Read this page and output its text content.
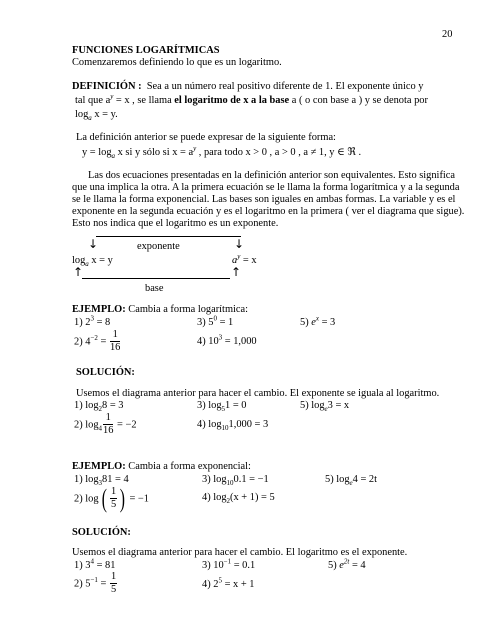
20
FUNCIONES LOGARÍTMICAS
Comenzaremos definiendo lo que es un logaritmo.
DEFINICIÓN : Sea a un número real positivo diferente de 1. El exponente único y
tal que $a^y = x$ , se llama el logaritmo de x a la base a ( o con base a ) y se denota por
$\log_a x = y$.
La definición anterior se puede expresar de la siguiente forma:
$y = \log_a x$ si y sólo si $x = a^y$ , para todo x > 0 , a > 0 , a ≠ 1, y ∈ ℜ .
Las dos ecuaciones presentadas en la definición anterior son equivalentes. Esto significa
que una implica la otra. A la primera ecuación se le llama la forma logarítmica y a la segunda
se le llama la forma exponencial. Las bases son iguales en ambas formas. La variable y es el
exponente en la segunda ecuación y es el logaritmo en la primera ( ver el diagrama que sigue).
Esto nos indica que el logaritmo es un exponente.
↓	exponente	↓
$\log_a x = y$	$a^y = x$
↑	↑
base
EJEMPLO: Cambia a forma logarítmica:
1) $2^3 = 8$	3) $5^0 = 1$	5) $e^x = 3$
2) $4^{-2} = \frac{1}{16}$	4) $10^3 = 1,000$
SOLUCIÓN:
Usemos el diagrama anterior para hacer el cambio. El exponente se iguala al logaritmo.
1) $\log_28 = 3$	3) $\log_51 = 0$	5) $\log_e3 = x$
2) $\log_4 \frac{1}{16} = -2$	4) $\log_{10}1,000 = 3$
EJEMPLO: Cambia a forma exponencial:
1) $\log_381 = 4$	3) $\log_{10}0.1 = -1$	5) $\log_e4 = 2t$
2) log ( $\frac{1}{5}$ ) = −1	4) $\log_2(x + 1) = 5$
SOLUCIÓN:
Usemos el diagrama anterior para hacer el cambio. El logaritmo es el exponente.
1) $3^4 = 81$	3) $10^{-1} = 0.1$	5) $e^{2t} = 4$
2) $5^{-1} = \frac{1}{5}$	4) $2^5 = x + 1$
